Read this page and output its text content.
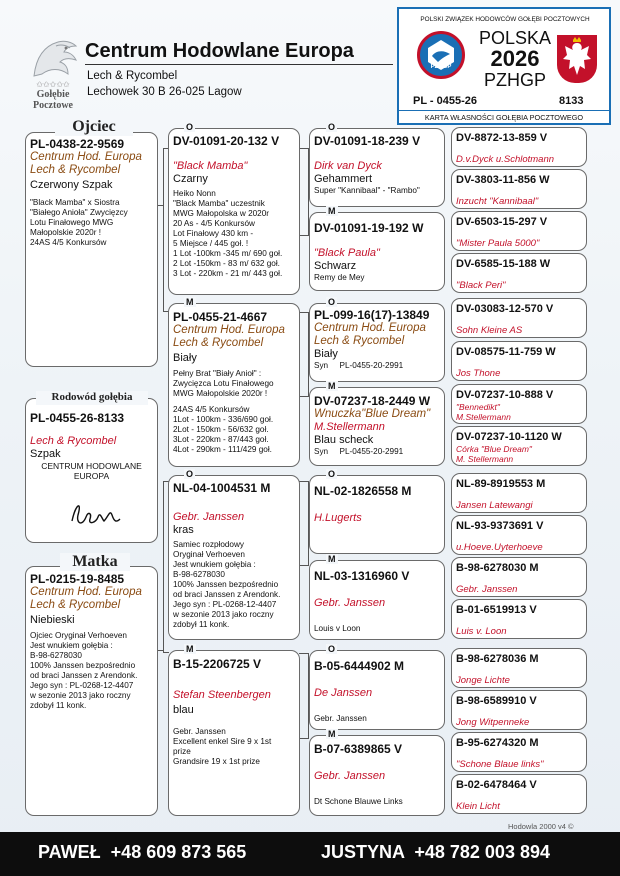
✩✩✩✩✩
Gołębie
Pocztowe
Centrum Hodowlane Europa
Lech & Rycombel
Lechowek 30 B 26-025 Lagow
POLSKI ZWIĄZEK HODOWCÓW GOŁĘBI POCZTOWYCH
PZHGP
POLSKA
2026
PZHGP
PL - 0455-26	8133
KARTA WŁASNOŚCI GOŁĘBIA POCZTOWEGO
PL-0438-22-9569
Centrum Hod. Europa
Lech & Rycombel
Czerwony Szpak
"Black Mamba" x Siostra
"Białego Anioła" Zwycięzcy
Lotu Finałowego MWG
Małopolskie 2020r !
24AS 4/5 Konkursów
Ojciec
PL-0455-26-8133
Lech & Rycombel
Szpak
CENTRUM HODOWLANE
EUROPA
Rodowód gołębia
PL-0215-19-8485
Centrum Hod. Europa
Lech & Rycombel
Niebieski
Ojciec Oryginał Verhoeven
Jest wnukiem gołębia :
B-98-6278030
100% Janssen bezpośrednio
od braci Janssen z Arendonk.
Jego syn : PL-0268-12-4407
w sezonie 2013 jako roczny
zdobył 11 konk.
Matka
DV-01091-20-132 V
"Black Mamba"
Czarny
Heiko Nonn
"Black Mamba" uczestnik
MWG Małopolska w 2020r
20 As - 4/5 Konkursów
Lot Finałowy 430 km -
5 Miejsce / 445 goł. !
1 Lot -100km -345 m/ 690 goł.
2 Lot -150km - 83 m/ 632 goł.
3 Lot - 220km - 21 m/ 443 goł.
O
PL-0455-21-4667
Centrum Hod. Europa
Lech & Rycombel
Biały
Pełny Brat "Biały Anioł" :
Zwycięzca Lotu Finałowego
MWG Małopolskie 2020r !
24AS 4/5 Konkursów
1Lot - 100km - 336/690 goł.
2Lot - 150km - 56/632 goł.
3Lot - 220km - 87/443 goł.
4Lot - 290km - 111/429 goł.
M
NL-04-1004531 M
Gebr. Janssen
kras
Samiec rozpłodowy
Oryginał Verhoeven
Jest wnukiem gołębia :
B-98-6278030
100% Janssen bezpośrednio
od braci Janssen z Arendonk.
Jego syn : PL-0268-12-4407
w sezonie 2013 jako roczny
zdobył 11 konk.
O
B-15-2206725 V
Stefan Steenbergen
blau
Gebr. Janssen
Excellent enkel Sire 9 x 1st
prize
Grandsire 19 x 1st prize
M
DV-01091-18-239 V
Dirk van Dyck
Gehammert
Super "Kannibaal" - "Rambo"
DV-01091-19-192 W
"Black Paula"
Schwarz
Remy de Mey
PL-099-16(17)-13849
Centrum Hod. Europa
Lech & Rycombel
Biały
Syn     PL-0455-20-2991
DV-07237-18-2449 W
Wnuczka"Blue Dream"
M.Stellermann
Blau scheck
Syn     PL-0455-20-2991
NL-02-1826558 M
H.Lugerts
NL-03-1316960 V
Gebr. Janssen
Louis v Loon
B-05-6444902 M
De Janssen
Gebr. Janssen
B-07-6389865 V
Gebr. Janssen
Dt Schone Blauwe Links
O
M
O
M
O
M
O
M
DV-8872-13-859 V
D.v.Dyck u.Schlotmann
DV-3803-11-856 W
Inzucht "Kannibaal"
DV-6503-15-297 V
"Mister Paula 5000"
DV-6585-15-188 W
"Black Peri"
DV-03083-12-570 V
Sohn Kleine AS
DV-08575-11-759 W
Jos Thone
DV-07237-10-888 V
"Bennedikt"
M.Stellermann
DV-07237-10-1120 W
Córka "Blue Dream"
M. Stellermann
NL-89-8919553 M
Jansen Latewangi
NL-93-9373691 V
u.Hoeve.Uyterhoeve
B-98-6278030 M
Gebr. Janssen
B-01-6519913 V
Luis v. Loon
B-98-6278036 M
Jonge Lichte
B-98-6589910 V
Jong Witpenneke
B-95-6274320 M
"Schone Blaue links"
B-02-6478464 V
Klein Licht
Hodowla 2000 v4 ©
PAWEŁ  +48 609 873 565	JUSTYNA  +48 782 003 894
